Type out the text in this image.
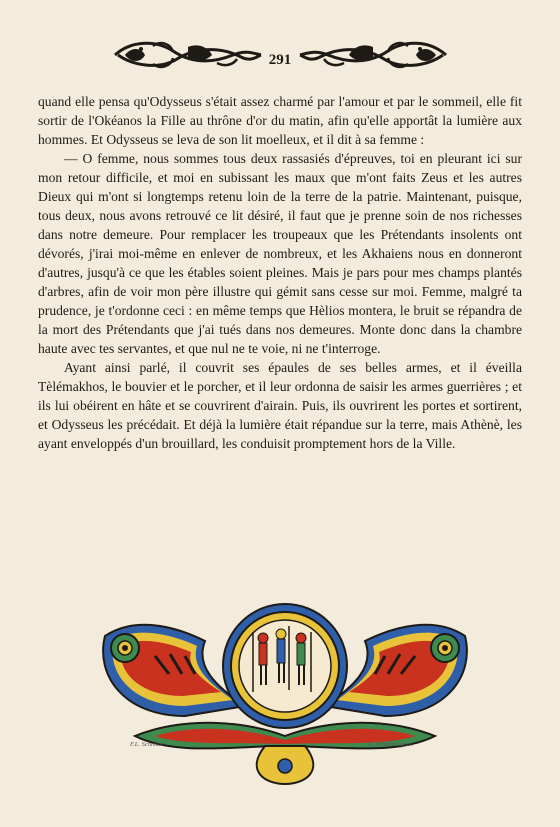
291

quand elle pensa qu'Odysseus s'était assez charmé par l'amour et par le sommeil, elle fit sortir de l'Okéanos la Fille au thrône d'or du matin, afin qu'elle apportât la lumière aux hommes. Et Odysseus se leva de son lit moelleux, et il dit à sa femme :

— O femme, nous sommes tous deux rassasiés d'épreuves, toi en pleurant ici sur mon retour difficile, et moi en subissant les maux que m'ont faits Zeus et les autres Dieux qui m'ont si longtemps retenu loin de la terre de la patrie. Maintenant, puisque, tous deux, nous avons retrouvé ce lit désiré, il faut que je prenne soin de nos richesses dans notre demeure. Pour remplacer les troupeaux que les Prétendants insolents ont dévorés, j'irai moi-même en enlever de nombreux, et les Akhaiens nous en donneront d'autres, jusqu'à ce que les étables soient pleines. Mais je pars pour mes champs plantés d'arbres, afin de voir mon père illustre qui gémit sans cesse sur moi. Femme, malgré ta prudence, je t'ordonne ceci : en même temps que Hèlios montera, le bruit se répandra de la mort des Prétendants que j'ai tués dans nos demeures. Monte donc dans la chambre haute avec tes servantes, et que nul ne te voie, ni ne t'interroge.

Ayant ainsi parlé, il couvrit ses épaules de ses belles armes, et il éveilla Tèlémakhos, le bouvier et le porcher, et il leur ordonna de saisir les armes guerrières ; et ils lui obéirent en hâte et se couvrirent d'airain. Puis, ils ouvrirent les portes et sortirent, et Odysseus les précédait. Et déjà la lumière était répandue sur la terre, mais Athènè, les ayant enveloppés d'un brouillard, les conduisit promptement hors de la Ville.

F.L. Schmied	G. Schmied grav.
